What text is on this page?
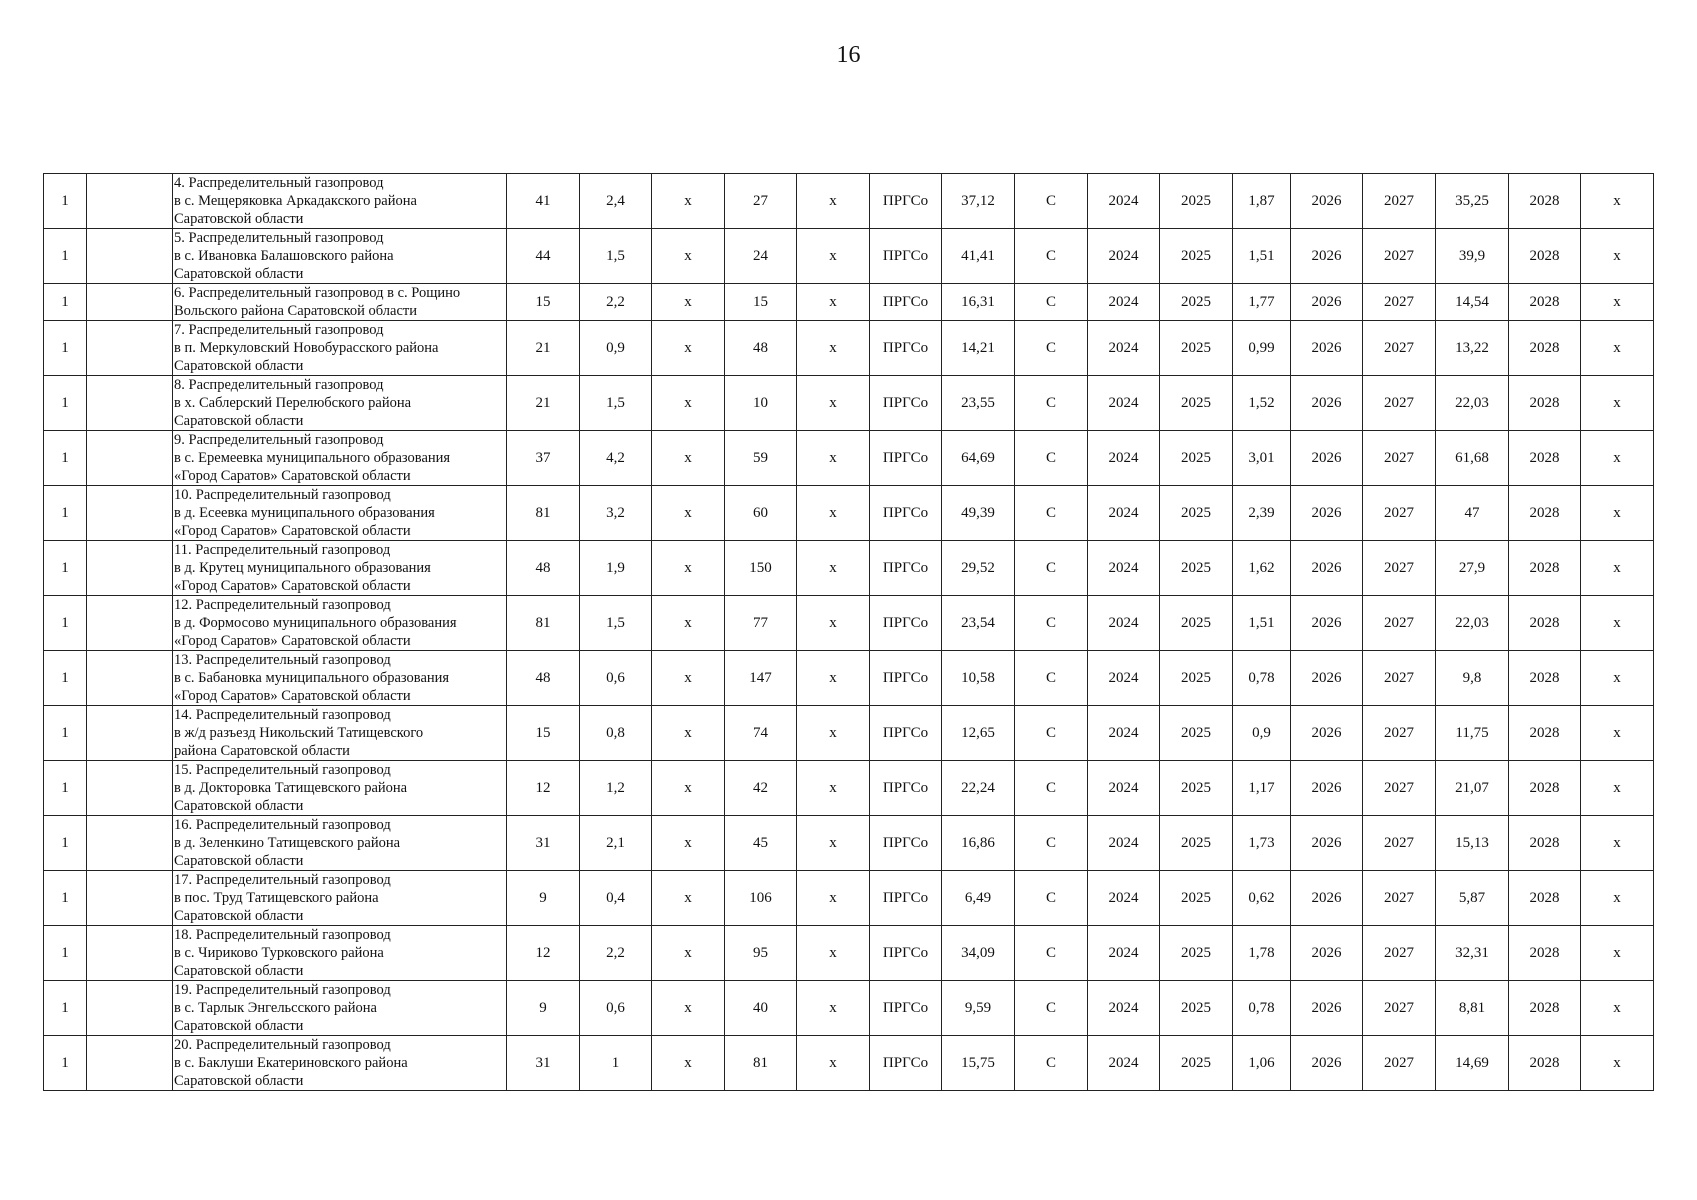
16
1		4. Распределительный газопровод
в с. Мещеряковка Аркадакского района
Саратовской области	41	2,4	x	27	x	ПРГСо	37,12	С	2024	2025	1,87	2026	2027	35,25	2028	x
1		5. Распределительный газопровод
в с. Ивановка Балашовского района
Саратовской области	44	1,5	x	24	x	ПРГСо	41,41	С	2024	2025	1,51	2026	2027	39,9	2028	x
1		6. Распределительный газопровод в с. Рощино
Вольского района Саратовской области	15	2,2	x	15	x	ПРГСо	16,31	С	2024	2025	1,77	2026	2027	14,54	2028	x
1		7. Распределительный газопровод
в п. Меркуловский Новобурасского района
Саратовской области	21	0,9	x	48	x	ПРГСо	14,21	С	2024	2025	0,99	2026	2027	13,22	2028	x
1		8. Распределительный газопровод
в х. Саблерский Перелюбского района
Саратовской области	21	1,5	x	10	x	ПРГСо	23,55	С	2024	2025	1,52	2026	2027	22,03	2028	x
1		9. Распределительный газопровод
в с. Еремеевка муниципального образования
«Город Саратов» Саратовской области	37	4,2	x	59	x	ПРГСо	64,69	С	2024	2025	3,01	2026	2027	61,68	2028	x
1		10. Распределительный газопровод
в д. Есеевка муниципального образования
«Город Саратов» Саратовской области	81	3,2	x	60	x	ПРГСо	49,39	С	2024	2025	2,39	2026	2027	47	2028	x
1		11. Распределительный газопровод
в д. Крутец муниципального образования
«Город Саратов» Саратовской области	48	1,9	x	150	x	ПРГСо	29,52	С	2024	2025	1,62	2026	2027	27,9	2028	x
1		12. Распределительный газопровод
в д. Формосово муниципального образования
«Город Саратов» Саратовской области	81	1,5	x	77	x	ПРГСо	23,54	С	2024	2025	1,51	2026	2027	22,03	2028	x
1		13. Распределительный газопровод
в с. Бабановка муниципального образования
«Город Саратов» Саратовской области	48	0,6	x	147	x	ПРГСо	10,58	С	2024	2025	0,78	2026	2027	9,8	2028	x
1		14. Распределительный газопровод
в ж/д разъезд Никольский Татищевского
района Саратовской области	15	0,8	x	74	x	ПРГСо	12,65	С	2024	2025	0,9	2026	2027	11,75	2028	x
1		15. Распределительный газопровод
в д. Доктоpовка Татищевского района
Саратовской области	12	1,2	x	42	x	ПРГСо	22,24	С	2024	2025	1,17	2026	2027	21,07	2028	x
1		16. Распределительный газопровод
в д. Зеленкино Татищевского района
Саратовской области	31	2,1	x	45	x	ПРГСо	16,86	С	2024	2025	1,73	2026	2027	15,13	2028	x
1		17. Распределительный газопровод
в пос. Труд Татищевского района
Саратовской области	9	0,4	x	106	x	ПРГСо	6,49	С	2024	2025	0,62	2026	2027	5,87	2028	x
1		18. Распределительный газопровод
в с. Чириково Турковского района
Саратовской области	12	2,2	x	95	x	ПРГСо	34,09	С	2024	2025	1,78	2026	2027	32,31	2028	x
1		19. Распределительный газопровод
в с. Тарлык Энгельсского района
Саратовской области	9	0,6	x	40	x	ПРГСо	9,59	С	2024	2025	0,78	2026	2027	8,81	2028	x
1		20. Распределительный газопровод
в с. Баклуши Екатериновского района
Саратовской области	31	1	x	81	x	ПРГСо	15,75	С	2024	2025	1,06	2026	2027	14,69	2028	x
